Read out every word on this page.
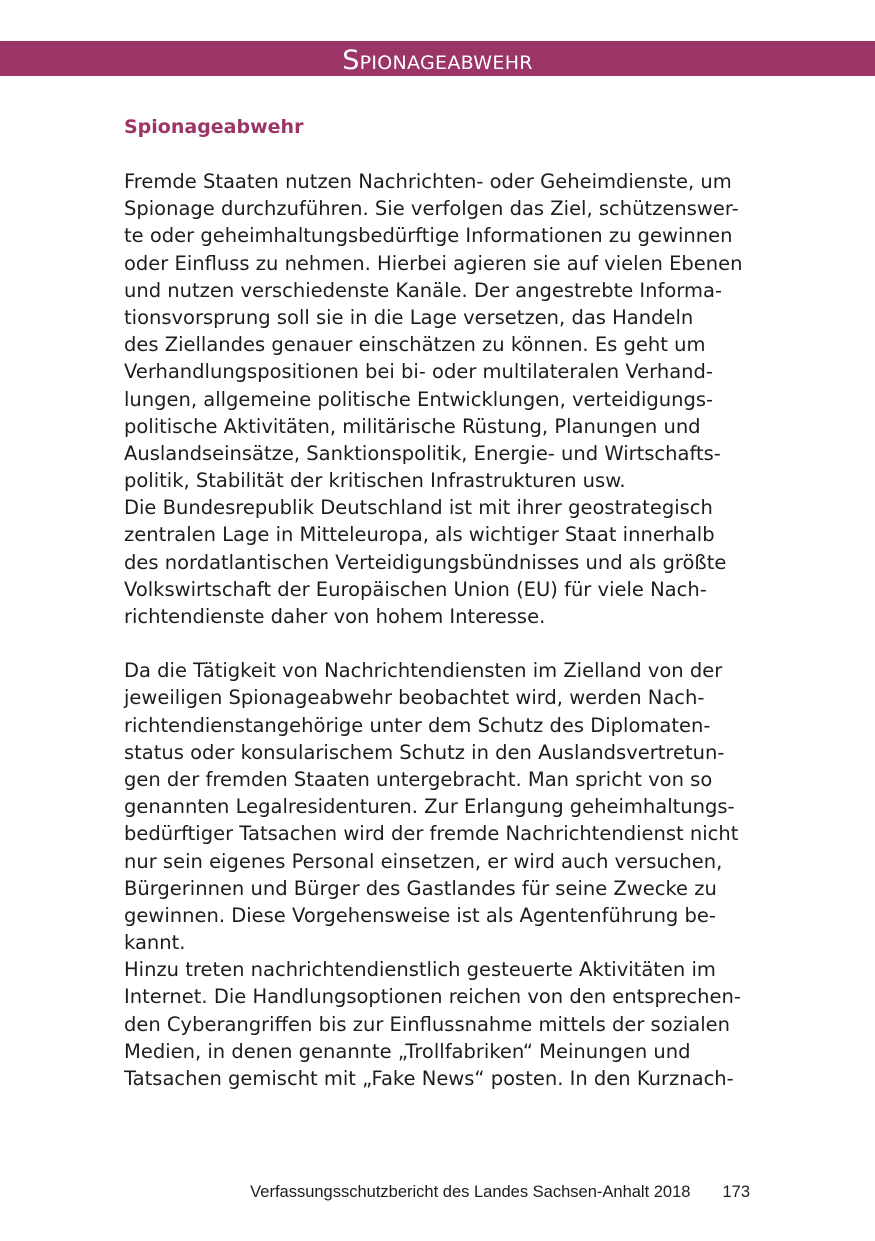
Spionageabwehr
Spionageabwehr
Fremde Staaten nutzen Nachrichten- oder Geheimdienste, um
Spionage durchzuführen. Sie verfolgen das Ziel, schützenswer-
te oder geheimhaltungsbedürftige Informationen zu gewinnen
oder Einfluss zu nehmen. Hierbei agieren sie auf vielen Ebenen
und nutzen verschiedenste Kanäle. Der angestrebte Informa-
tionsvorsprung soll sie in die Lage versetzen, das Handeln
des Ziellandes genauer einschätzen zu können. Es geht um
Verhandlungspositionen bei bi- oder multilateralen Verhand-
lungen, allgemeine politische Entwicklungen, verteidigungs-
politische Aktivitäten, militärische Rüstung, Planungen und
Auslandseinsätze, Sanktionspolitik, Energie- und Wirtschafts-
politik, Stabilität der kritischen Infrastrukturen usw.
Die Bundesrepublik Deutschland ist mit ihrer geostrategisch
zentralen Lage in Mitteleuropa, als wichtiger Staat innerhalb
des nordatlantischen Verteidigungsbündnisses und als größte
Volkswirtschaft der Europäischen Union (EU) für viele Nach-
richtendienste daher von hohem Interesse.
Da die Tätigkeit von Nachrichtendiensten im Zielland von der
jeweiligen Spionageabwehr beobachtet wird, werden Nach-
richtendienstangehörige unter dem Schutz des Diplomaten-
status oder konsularischem Schutz in den Auslandsvertretun-
gen der fremden Staaten untergebracht. Man spricht von so
genannten Legalresidenturen. Zur Erlangung geheimhaltungs-
bedürftiger Tatsachen wird der fremde Nachrichtendienst nicht
nur sein eigenes Personal einsetzen, er wird auch versuchen,
Bürgerinnen und Bürger des Gastlandes für seine Zwecke zu
gewinnen. Diese Vorgehensweise ist als Agentenführung be-
kannt.
Hinzu treten nachrichtendienstlich gesteuerte Aktivitäten im
Internet. Die Handlungsoptionen reichen von den entsprechen-
den Cyberangriffen bis zur Einflussnahme mittels der sozialen
Medien, in denen genannte „Trollfabriken“ Meinungen und
Tatsachen gemischt mit „Fake News“ posten. In den Kurznach-
Verfassungsschutzbericht des Landes Sachsen-Anhalt 2018 173
